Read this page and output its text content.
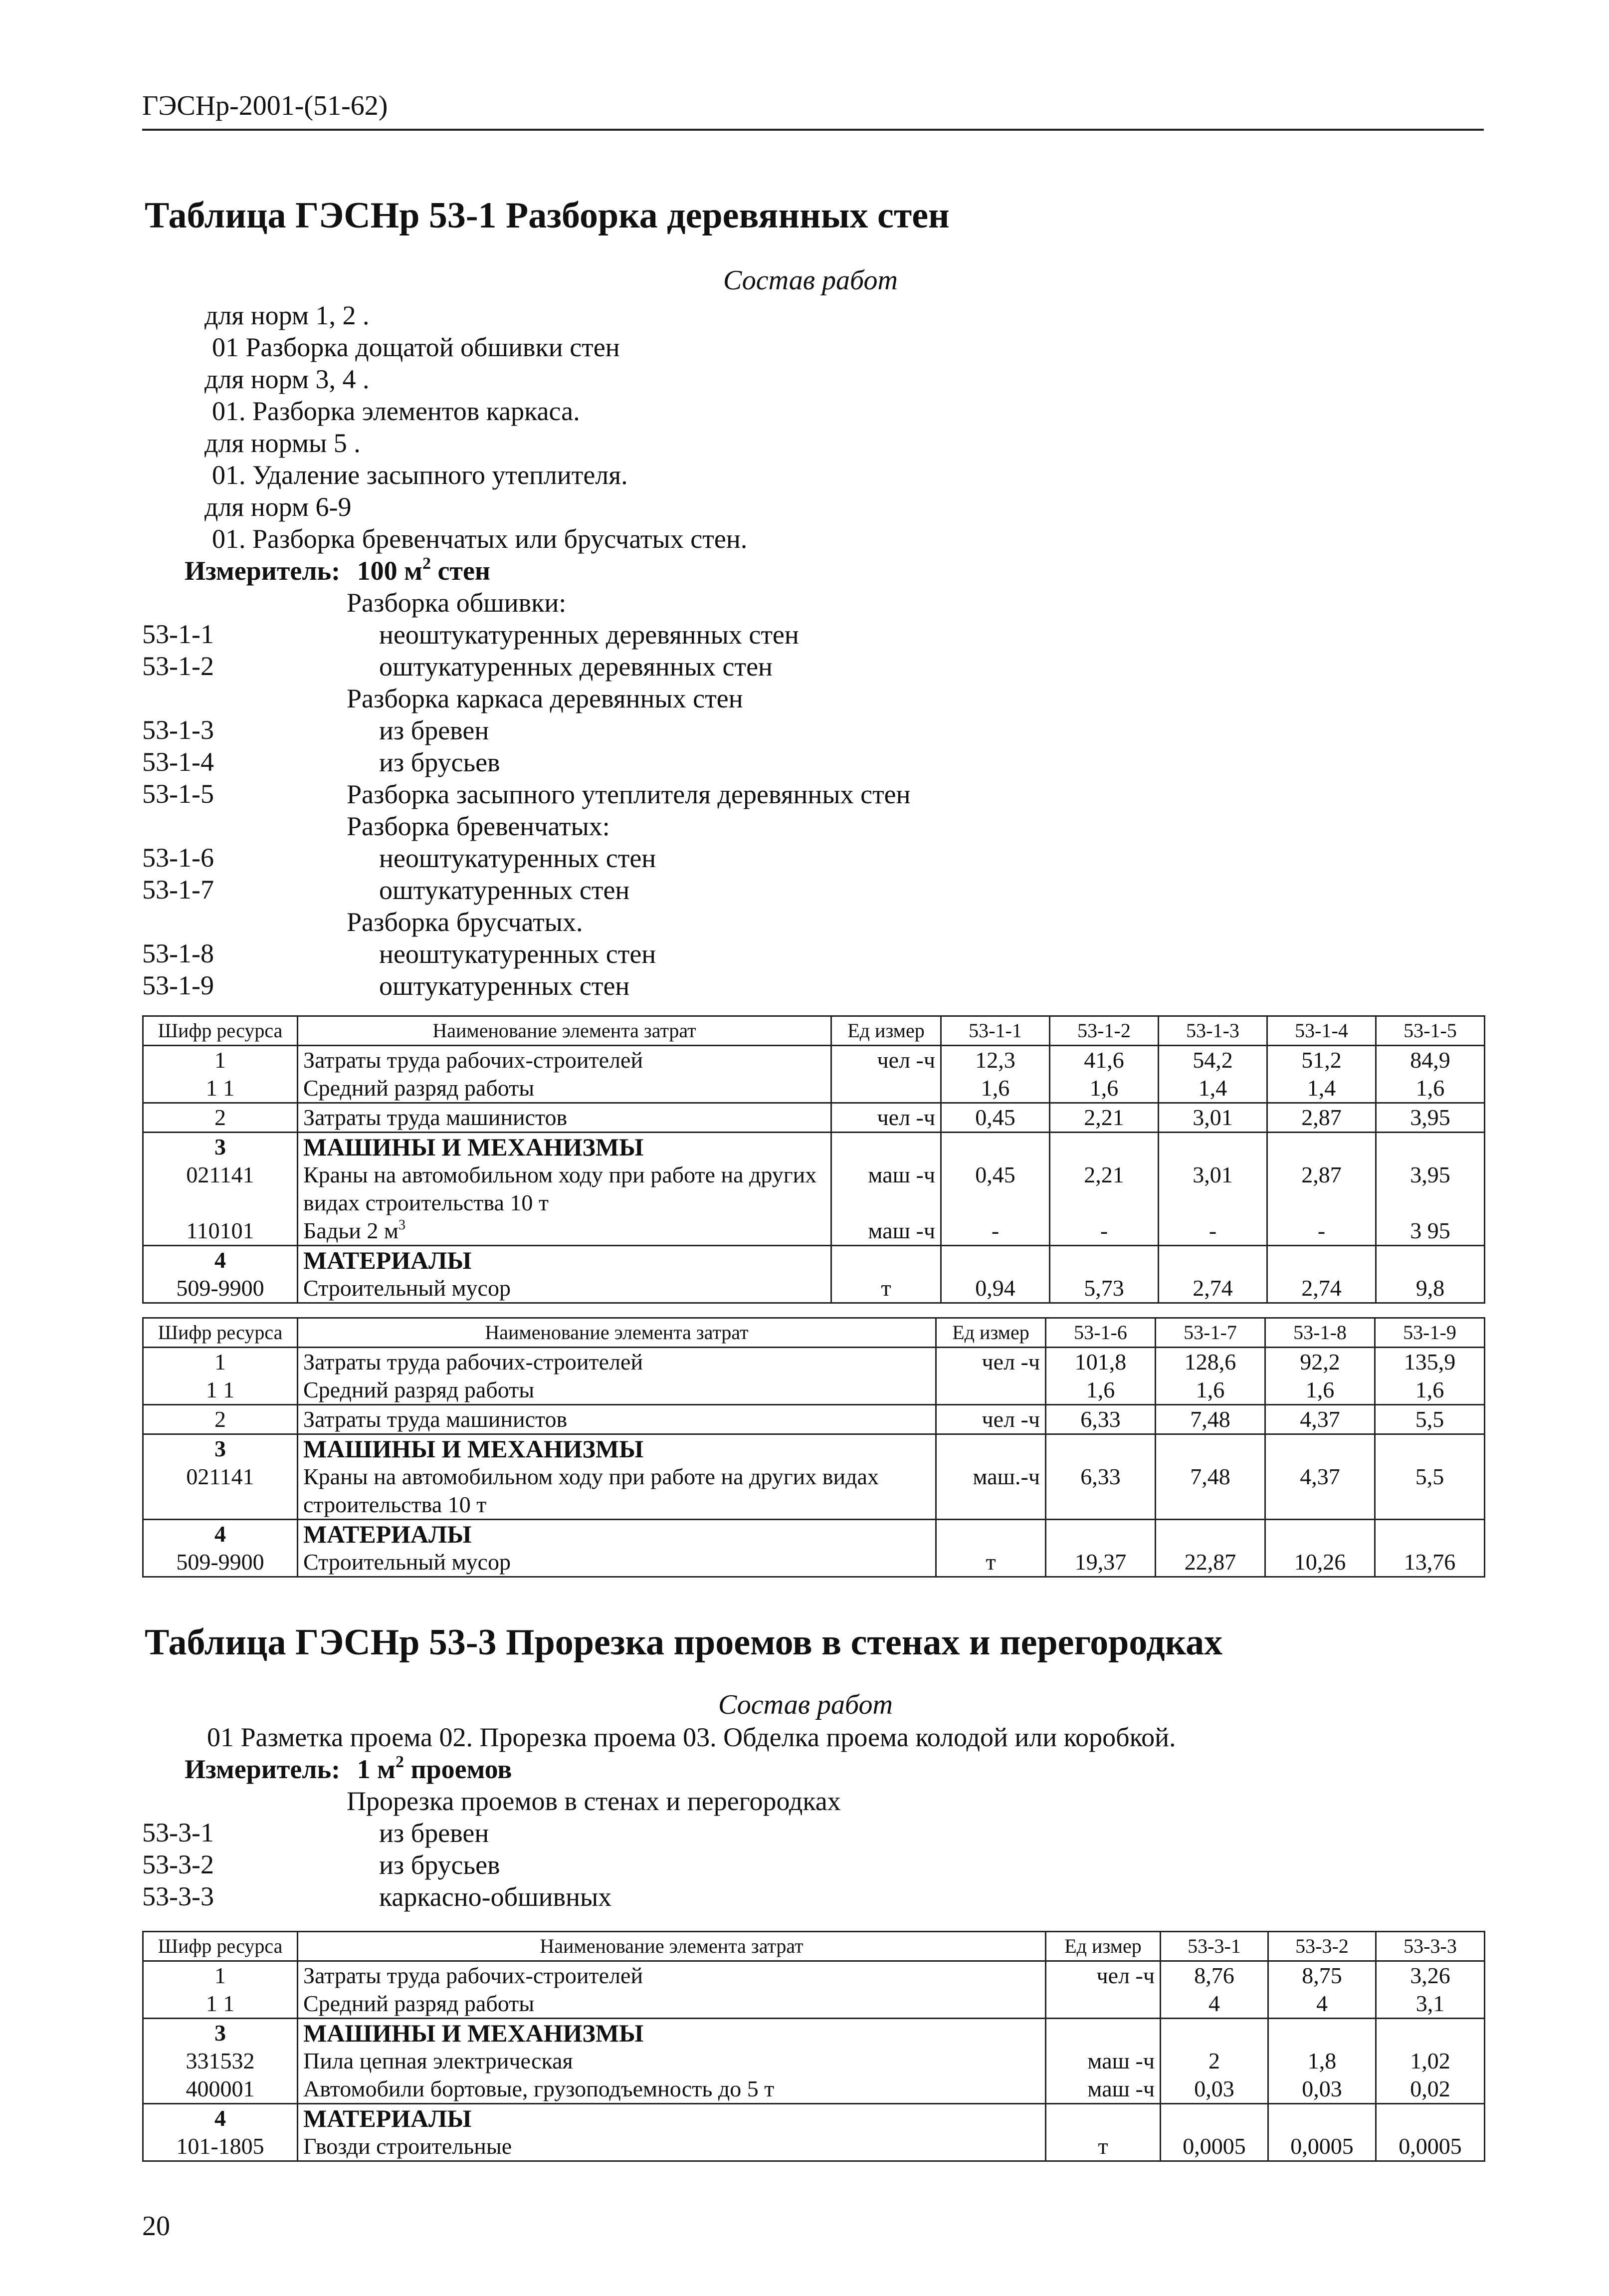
ГЭСНр-2001-(51-62)
Таблица ГЭСНр 53-1 Разборка деревянных стен
Состав работ
для норм 1, 2 .
01 Разборка дощатой обшивки стен
для норм 3, 4 .
01. Разборка элементов каркаса.
для нормы 5 .
01. Удаление засыпного утеплителя.
для норм 6-9
01. Разборка бревенчатых или брусчатых стен.
Измеритель: 100 $м^2$ стен
Разборка обшивки:
53-1-1	неоштукатуренных деревянных стен
53-1-2	оштукатуренных деревянных стен
Разборка каркаса деревянных стен
53-1-3	из бревен
53-1-4	из брусьев
53-1-5	Разборка засыпного утеплителя деревянных стен
Разборка бревенчатых:
53-1-6	неоштукатуренных стен
53-1-7	оштукатуренных стен
Разборка брусчатых.
53-1-8	неоштукатуренных стен
53-1-9	оштукатуренных стен
Шифр ресурса	Наименование элемента затрат	Ед измер	53-1-1	53-1-2	53-1-3	53-1-4	53-1-5
1	Затраты труда рабочих-строителей	чел -ч	12,3	41,6	54,2	51,2	84,9
1 1	Средний разряд работы		1,6	1,6	1,4	1,4	1,6
2	Затраты труда машинистов	чел -ч	0,45	2,21	3,01	2,87	3,95
3	МАШИНЫ И МЕХАНИЗМЫ						
021141	Краны на автомобильном ходу при работе на других видах строительства 10 т	маш -ч	0,45	2,21	3,01	2,87	3,95
110101	Бадьи 2 $м^3$	маш -ч	-	-	-	-	3 95
4	МАТЕРИАЛЫ						
509-9900	Строительный мусор	т	0,94	5,73	2,74	2,74	9,8
Шифр ресурса	Наименование элемента затрат	Ед измер	53-1-6	53-1-7	53-1-8	53-1-9
1	Затраты труда рабочих-строителей	чел -ч	101,8	128,6	92,2	135,9
1 1	Средний разряд работы		1,6	1,6	1,6	1,6
2	Затраты труда машинистов	чел -ч	6,33	7,48	4,37	5,5
3	МАШИНЫ И МЕХАНИЗМЫ					
021141	Краны на автомобильном ходу при работе на других видах строительства 10 т	маш.-ч	6,33	7,48	4,37	5,5
4	МАТЕРИАЛЫ					
509-9900	Строительный мусор	т	19,37	22,87	10,26	13,76
Таблица ГЭСНр 53-3 Прорезка проемов в стенах и перегородках
Состав работ
01 Разметка проема 02. Прорезка проема 03. Обделка проема колодой или коробкой.
Измеритель: 1 $м^2$ проемов
Прорезка проемов в стенах и перегородках
53-3-1	из бревен
53-3-2	из брусьев
53-3-3	каркасно-обшивных
Шифр ресурса	Наименование элемента затрат	Ед измер	53-3-1	53-3-2	53-3-3
1	Затраты труда рабочих-строителей	чел -ч	8,76	8,75	3,26
1 1	Средний разряд работы		4	4	3,1
3	МАШИНЫ И МЕХАНИЗМЫ				
331532	Пила цепная электрическая	маш -ч	2	1,8	1,02
400001	Автомобили бортовые, грузоподъемность до 5 т	маш -ч	0,03	0,03	0,02
4	МАТЕРИАЛЫ				
101-1805	Гвозди строительные	т	0,0005	0,0005	0,0005
20
